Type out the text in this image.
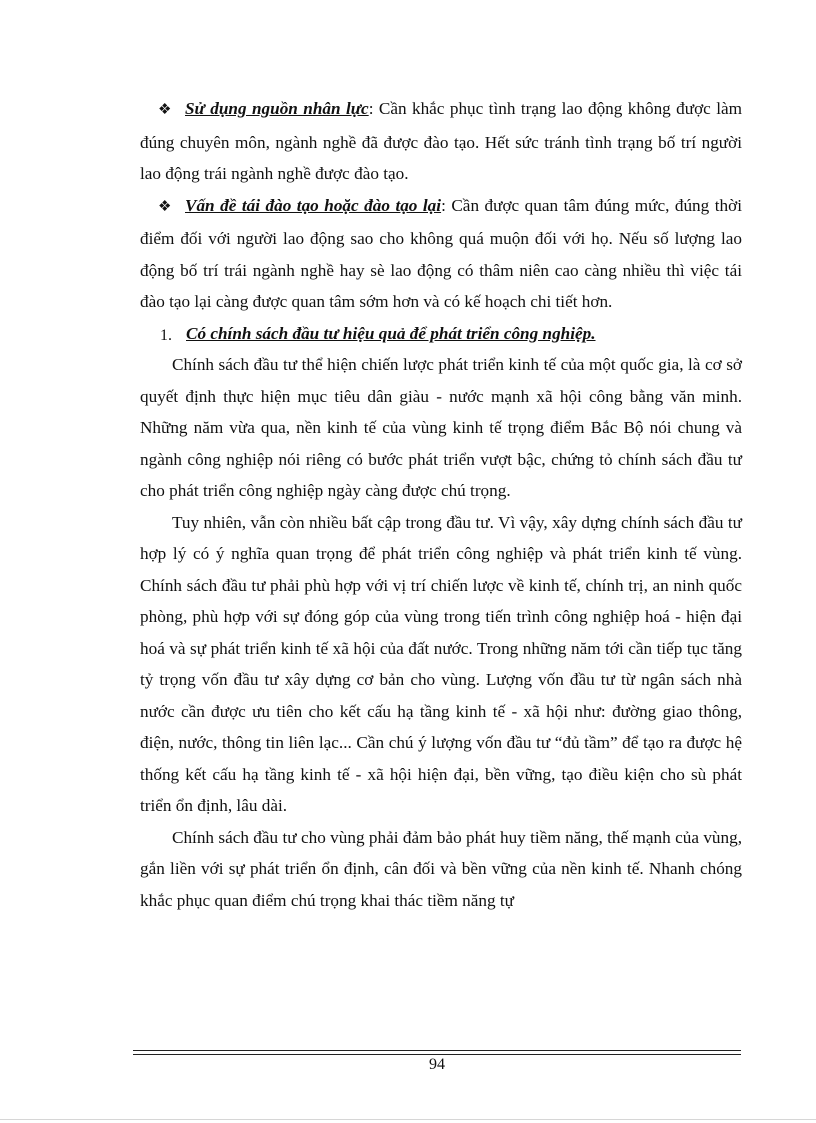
❖ Sử dụng nguồn nhân lực: Cần khắc phục tình trạng lao động không được làm đúng chuyên môn, ngành nghề đã được đào tạo. Hết sức tránh tình trạng bố trí người lao động trái ngành nghề được đào tạo.

❖ Vấn đề tái đào tạo hoặc đào tạo lại: Cần được quan tâm đúng mức, đúng thời điểm đối với người lao động sao cho không quá muộn đối với họ. Nếu số lượng lao động bố trí trái ngành nghề hay sè lao động có thâm niên cao càng nhiều thì việc tái đào tạo lại càng được quan tâm sớm hơn và có kế hoạch chi tiết hơn.

1. Có chính sách đầu tư hiệu quả để phát triển công nghiệp.

Chính sách đầu tư thể hiện chiến lược phát triển kinh tế của một quốc gia, là cơ sở quyết định thực hiện mục tiêu dân giàu - nước mạnh xã hội công bằng văn minh. Những năm vừa qua, nền kinh tế của vùng kinh tế trọng điểm Bắc Bộ nói chung và ngành công nghiệp nói riêng có bước phát triển vượt bậc, chứng tỏ chính sách đầu tư cho phát triển công nghiệp ngày càng được chú trọng.

Tuy nhiên, vẫn còn nhiều bất cập trong đầu tư. Vì vậy, xây dựng chính sách đầu tư hợp lý có ý nghĩa quan trọng để phát triển công nghiệp và phát triển kinh tế vùng. Chính sách đầu tư phải phù hợp với vị trí chiến lược về kinh tế, chính trị, an ninh quốc phòng, phù hợp với sự đóng góp của vùng trong tiến trình công nghiệp hoá - hiện đại hoá và sự phát triển kinh tế xã hội của đất nước. Trong những năm tới cần tiếp tục tăng tỷ trọng vốn đầu tư xây dựng cơ bản cho vùng. Lượng vốn đầu tư từ ngân sách nhà nước cần được ưu tiên cho kết cấu hạ tầng kinh tế - xã hội như: đường giao thông, điện, nước, thông tin liên lạc... Cần chú ý lượng vốn đầu tư “đủ tầm” để tạo ra được hệ thống kết cấu hạ tầng kinh tế - xã hội hiện đại, bền vững, tạo điều kiện cho sù phát triển ổn định, lâu dài.

Chính sách đầu tư cho vùng phải đảm bảo phát huy tiềm năng, thế mạnh của vùng, gắn liền với sự phát triển ổn định, cân đối và bền vững của nền kinh tế. Nhanh chóng khắc phục quan điểm chú trọng khai thác tiềm năng tự

94
